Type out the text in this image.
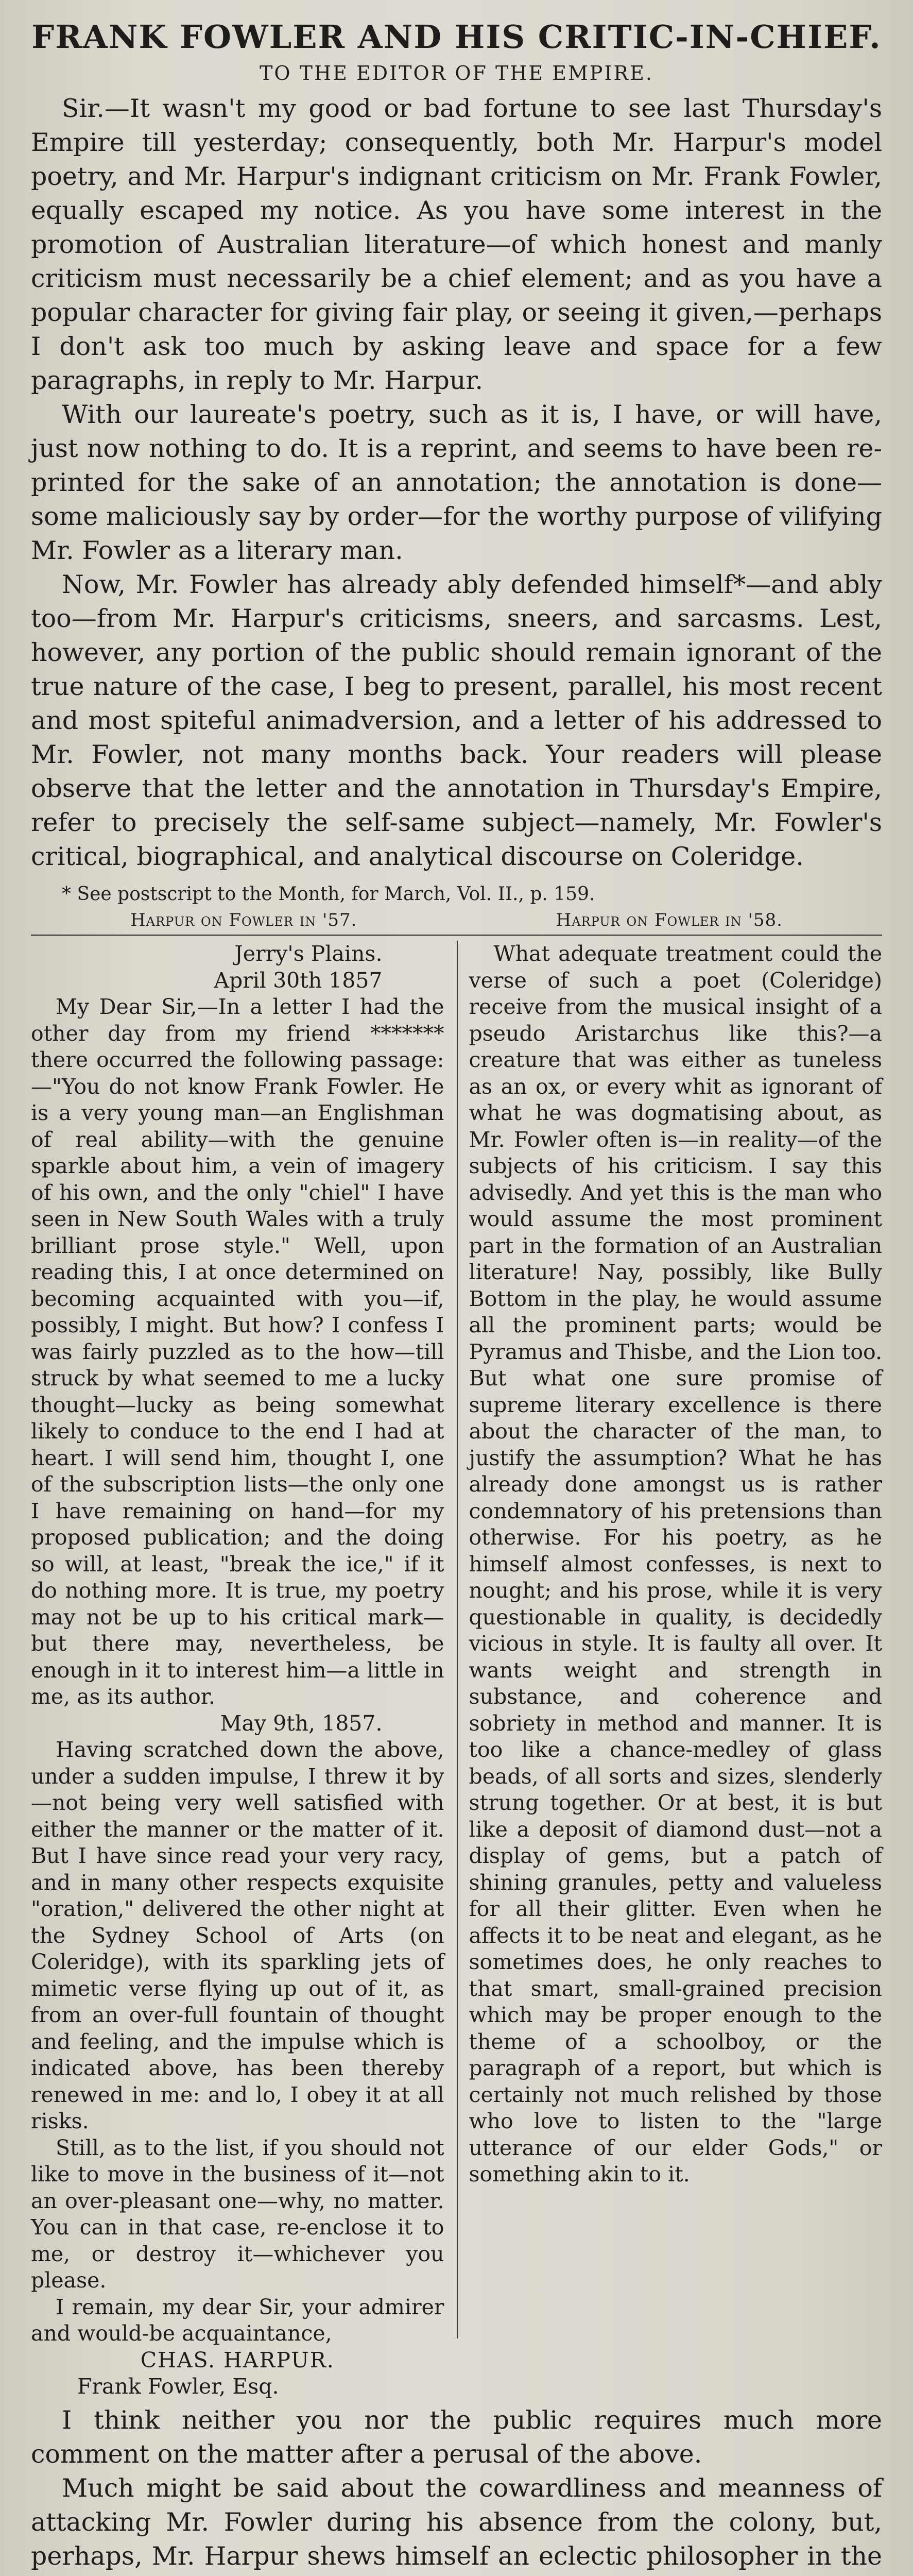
FRANK FOWLER AND HIS CRITIC-IN-CHIEF.
TO THE EDITOR OF THE EMPIRE.

Sir.—It wasn't my good or bad fortune to see last Thursday's Empire till yesterday; consequently, both Mr. Harpur's model poetry, and Mr. Harpur's indignant criticism on Mr. Frank Fowler, equally escaped my notice. As you have some interest in the promotion of Australian literature—of which honest and manly criticism must necessarily be a chief element; and as you have a popular character for giving fair play, or seeing it given,—perhaps I don't ask too much by asking leave and space for a few paragraphs, in reply to Mr. Harpur.

With our laureate's poetry, such as it is, I have, or will have, just now nothing to do. It is a reprint, and seems to have been re-printed for the sake of an annotation; the annotation is done—some maliciously say by order—for the worthy purpose of vilifying Mr. Fowler as a literary man.

Now, Mr. Fowler has already ably defended himself*—and ably too—from Mr. Harpur's criticisms, sneers, and sarcasms. Lest, however, any portion of the public should remain ignorant of the true nature of the case, I beg to present, parallel, his most recent and most spiteful animadversion, and a letter of his addressed to Mr. Fowler, not many months back. Your readers will please observe that the letter and the annotation in Thursday's Empire, refer to precisely the self-same subject—namely, Mr. Fowler's critical, biographical, and analytical discourse on Coleridge.

* See postscript to the Month, for March, Vol. II., p. 159.
Harpur on Fowler in '57.	Harpur on Fowler in '58.

Jerry's Plains.

April 30th 1857

My Dear Sir,—In a letter I had the other day from my friend ******* there occurred the following passage:—"You do not know Frank Fowler. He is a very young man—an Englishman of real ability—with the genuine sparkle about him, a vein of imagery of his own, and the only "chiel" I have seen in New South Wales with a truly brilliant prose style." Well, upon reading this, I at once determined on becoming acquainted with you—if, possibly, I might. But how? I confess I was fairly puzzled as to the how—till struck by what seemed to me a lucky thought—lucky as being somewhat likely to conduce to the end I had at heart. I will send him, thought I, one of the subscription lists—the only one I have remaining on hand—for my proposed publication; and the doing so will, at least, "break the ice," if it do nothing more. It is true, my poetry may not be up to his critical mark—but there may, nevertheless, be enough in it to interest him—a little in me, as its author.

May 9th, 1857.

Having scratched down the above, under a sudden impulse, I threw it by—not being very well satisfied with either the manner or the matter of it. But I have since read your very racy, and in many other respects exquisite "oration," delivered the other night at the Sydney School of Arts (on Coleridge), with its sparkling jets of mimetic verse flying up out of it, as from an over-full fountain of thought and feeling, and the impulse which is indicated above, has been thereby renewed in me: and lo, I obey it at all risks.

Still, as to the list, if you should not like to move in the business of it—not an over-pleasant one—why, no matter. You can in that case, re-enclose it to me, or destroy it—whichever you please.

I remain, my dear Sir, your admirer and would-be acquaintance,

CHAS. HARPUR.

Frank Fowler, Esq.

What adequate treatment could the verse of such a poet (Coleridge) receive from the musical insight of a pseudo Aristarchus like this?—a creature that was either as tuneless as an ox, or every whit as ignorant of what he was dogmatising about, as Mr. Fowler often is—in reality—of the subjects of his criticism. I say this advisedly. And yet this is the man who would assume the most prominent part in the formation of an Australian literature! Nay, possibly, like Bully Bottom in the play, he would assume all the prominent parts; would be Pyramus and Thisbe, and the Lion too. But what one sure promise of supreme literary excellence is there about the character of the man, to justify the assumption? What he has already done amongst us is rather condemnatory of his pretensions than otherwise. For his poetry, as he himself almost confesses, is next to nought; and his prose, while it is very questionable in quality, is decidedly vicious in style. It is faulty all over. It wants weight and strength in substance, and coherence and sobriety in method and manner. It is too like a chance-medley of glass beads, of all sorts and sizes, slenderly strung together. Or at best, it is but like a deposit of diamond dust—not a display of gems, but a patch of shining granules, petty and valueless for all their glitter. Even when he affects it to be neat and elegant, as he sometimes does, he only reaches to that smart, small-grained precision which may be proper enough to the theme of a schoolboy, or the paragraph of a report, but which is certainly not much relished by those who love to listen to the "large utterance of our elder Gods," or something akin to it.

I think neither you nor the public requires much more comment on the matter after a perusal of the above.

Much might be said about the cowardliness and meanness of attacking Mr. Fowler during his absence from the colony, but, perhaps, Mr. Harpur shews himself an eclectic philosopher in the
